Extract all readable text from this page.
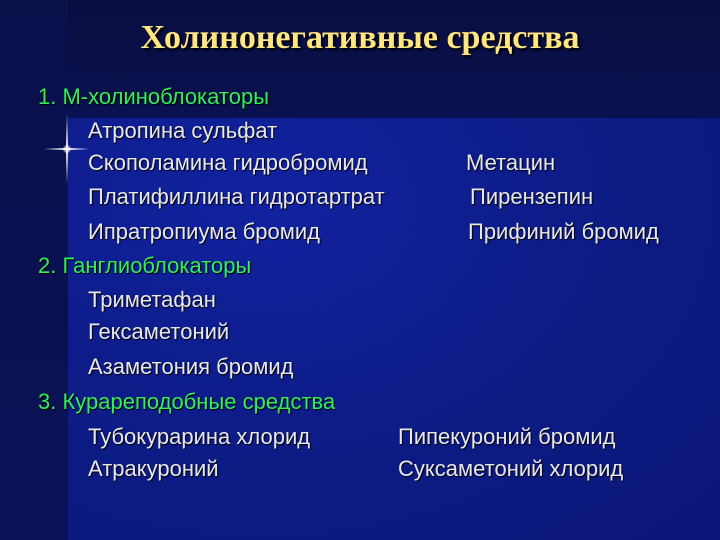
Холинонегативные средства
1. М-холиноблокаторы
Атропина сульфат
Скополамина гидробромид	Метацин
Платифиллина гидротартрат	Пирензепин
Ипратропиума бромид	Прифиний бромид
2. Ганглиоблокаторы
Триметафан
Гексаметоний
Азаметония бромид
3. Курареподобные средства
Тубокурарина хлорид	Пипекуроний бромид
Атракуроний	Суксаметоний хлорид
